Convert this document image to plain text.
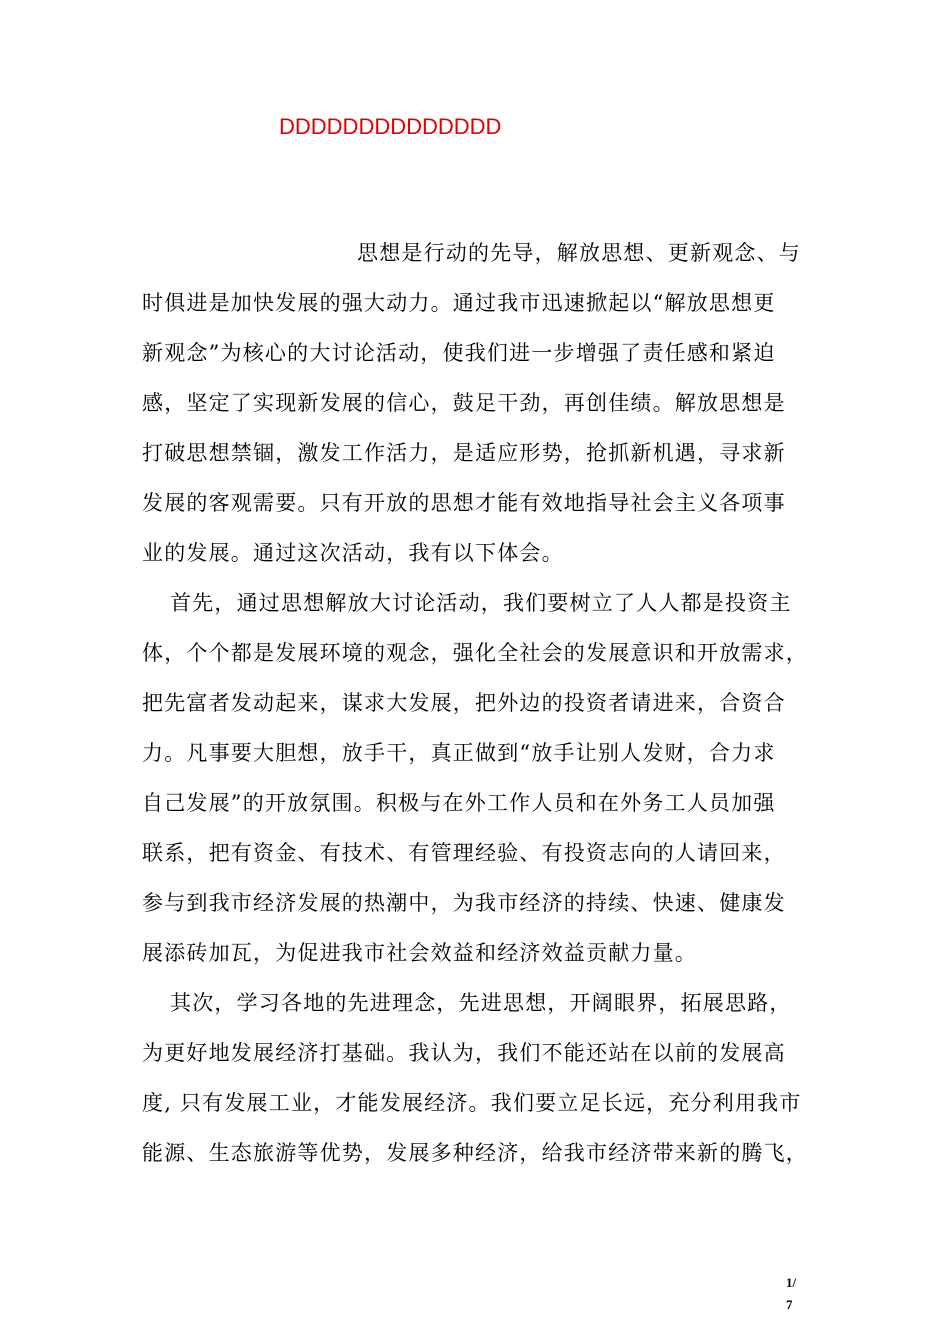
DDDDDDDDDDDDDD
思想是行动的先导，解放思想、更新观念、与
时俱进是加快发展的强大动力。通过我市迅速掀起以“解放思想更
新观念”为核心的大讨论活动，使我们进一步增强了责任感和紧迫
感，坚定了实现新发展的信心，鼓足干劲，再创佳绩。解放思想是
打破思想禁锢，激发工作活力，是适应形势，抢抓新机遇，寻求新
发展的客观需要。只有开放的思想才能有效地指导社会主义各项事
业的发展。通过这次活动，我有以下体会。
首先，通过思想解放大讨论活动，我们要树立了人人都是投资主
体，个个都是发展环境的观念，强化全社会的发展意识和开放需求，
把先富者发动起来，谋求大发展，把外边的投资者请进来，合资合
力。凡事要大胆想，放手干，真正做到“放手让别人发财，合力求
自己发展”的开放氛围。积极与在外工作人员和在外务工人员加强
联系，把有资金、有技术、有管理经验、有投资志向的人请回来，
参与到我市经济发展的热潮中，为我市经济的持续、快速、健康发
展添砖加瓦，为促进我市社会效益和经济效益贡献力量。
其次，学习各地的先进理念，先进思想，开阔眼界，拓展思路，
为更好地发展经济打基础。我认为，我们不能还站在以前的发展高
度, 只有发展工业，才能发展经济。我们要立足长远，充分利用我市
能源、生态旅游等优势，发展多种经济，给我市经济带来新的腾飞，
1/
7
